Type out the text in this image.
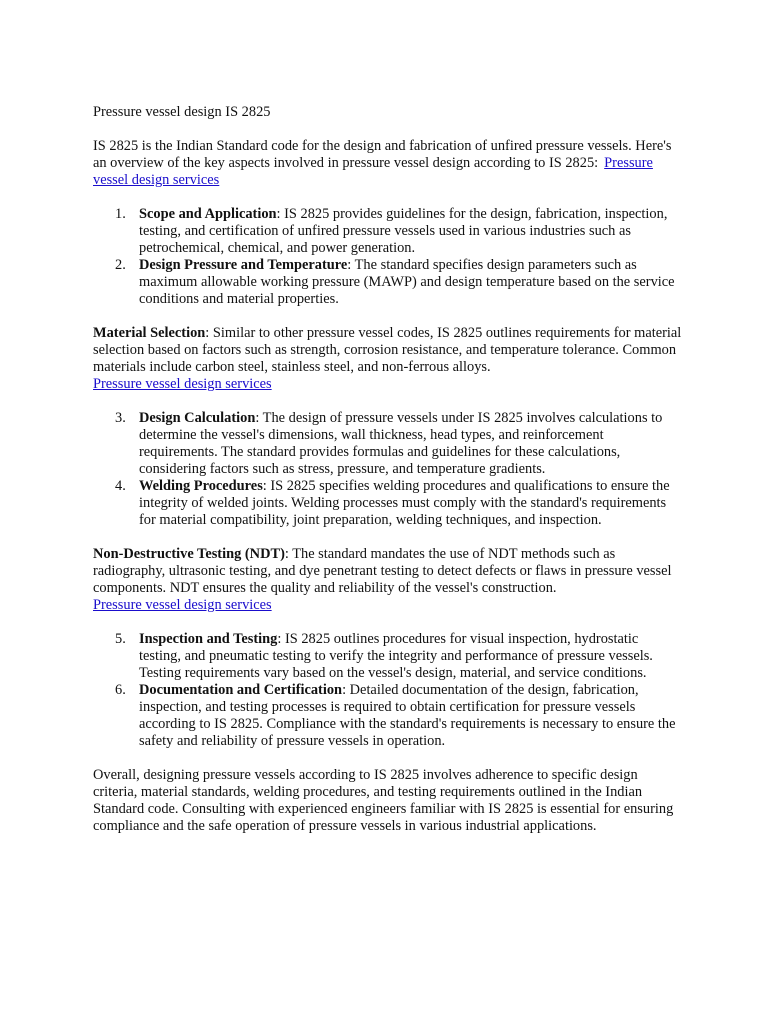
Pressure vessel design IS 2825

IS 2825 is the Indian Standard code for the design and fabrication of unfired pressure vessels. Here's an overview of the key aspects involved in pressure vessel design according to IS 2825: Pressure vessel design services

1. Scope and Application: IS 2825 provides guidelines for the design, fabrication, inspection, testing, and certification of unfired pressure vessels used in various industries such as petrochemical, chemical, and power generation.
2. Design Pressure and Temperature: The standard specifies design parameters such as maximum allowable working pressure (MAWP) and design temperature based on the service conditions and material properties.

Material Selection: Similar to other pressure vessel codes, IS 2825 outlines requirements for material selection based on factors such as strength, corrosion resistance, and temperature tolerance. Common materials include carbon steel, stainless steel, and non-ferrous alloys.
Pressure vessel design services

3. Design Calculation: The design of pressure vessels under IS 2825 involves calculations to determine the vessel's dimensions, wall thickness, head types, and reinforcement requirements. The standard provides formulas and guidelines for these calculations, considering factors such as stress, pressure, and temperature gradients.
4. Welding Procedures: IS 2825 specifies welding procedures and qualifications to ensure the integrity of welded joints. Welding processes must comply with the standard's requirements for material compatibility, joint preparation, welding techniques, and inspection.

Non-Destructive Testing (NDT): The standard mandates the use of NDT methods such as radiography, ultrasonic testing, and dye penetrant testing to detect defects or flaws in pressure vessel components. NDT ensures the quality and reliability of the vessel's construction.
Pressure vessel design services

5. Inspection and Testing: IS 2825 outlines procedures for visual inspection, hydrostatic testing, and pneumatic testing to verify the integrity and performance of pressure vessels. Testing requirements vary based on the vessel's design, material, and service conditions.
6. Documentation and Certification: Detailed documentation of the design, fabrication, inspection, and testing processes is required to obtain certification for pressure vessels according to IS 2825. Compliance with the standard's requirements is necessary to ensure the safety and reliability of pressure vessels in operation.

Overall, designing pressure vessels according to IS 2825 involves adherence to specific design criteria, material standards, welding procedures, and testing requirements outlined in the Indian Standard code. Consulting with experienced engineers familiar with IS 2825 is essential for ensuring compliance and the safe operation of pressure vessels in various industrial applications.
